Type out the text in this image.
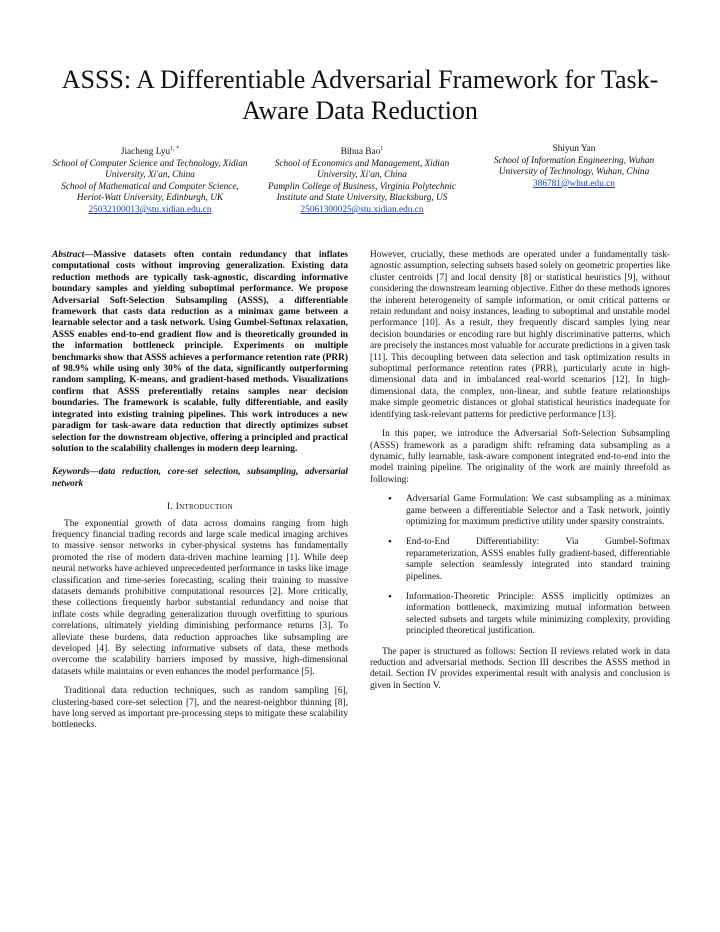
ASSS: A Differentiable Adversarial Framework for Task-Aware Data Reduction
Jiacheng Lyu$^{1, *}$
School of Computer Science and Technology, Xidian University, Xi'an, China
School of Mathematical and Computer Science, Heriot-Watt University, Edinburgh, UK
25032100013@stu.xidian.edu.cn
Bihua Bao$^1$
School of Economics and Management, Xidian University, Xi'an, China
Pamplin College of Business, Virginia Polytechnic Institute and State University, Blacksburg, US
25061300025@stu.xidian.edu.cn
Shiyun Yan
School of Information Engineering, Wuhan University of Technology, Wuhan, China
386781@whut.edu.cn

Abstract—Massive datasets often contain redundancy that inflates computational costs without improving generalization. Existing data reduction methods are typically task-agnostic, discarding informative boundary samples and yielding suboptimal performance. We propose Adversarial Soft-Selection Subsampling (ASSS), a differentiable framework that casts data reduction as a minimax game between a learnable selector and a task network. Using Gumbel-Softmax relaxation, ASSS enables end-to-end gradient flow and is theoretically grounded in the information bottleneck principle. Experiments on multiple benchmarks show that ASSS achieves a performance retention rate (PRR) of 98.9% while using only 30% of the data, significantly outperforming random sampling, K-means, and gradient-based methods. Visualizations confirm that ASSS preferentially retains samples near decision boundaries. The framework is scalable, fully differentiable, and easily integrated into existing training pipelines. This work introduces a new paradigm for task-aware data reduction that directly optimizes subset selection for the downstream objective, offering a principled and practical solution to the scalability challenges in modern deep learning.

Keywords—data reduction, core-set selection, subsampling, adversarial network

I. Introduction

The exponential growth of data across domains ranging from high frequency financial trading records and large scale medical imaging archives to massive sensor networks in cyber-physical systems has fundamentally promoted the rise of modern data-driven machine learning [1]. While deep neural networks have achieved unprecedented performance in tasks like image classification and time-series forecasting, scaling their training to massive datasets demands prohibitive computational resources [2]. More critically, these collections frequently harbor substantial redundancy and noise that inflate costs while degrading generalization through overfitting to spurious correlations, ultimately yielding diminishing performance returns [3]. To alleviate these burdens, data reduction approaches like subsampling are developed [4]. By selecting informative subsets of data, these methods overcome the scalability barriers imposed by massive, high-dimensional datasets while maintains or even enhances the model performance [5].

Traditional data reduction techniques, such as random sampling [6], clustering-based core-set selection [7], and the nearest-neighbor thinning [8], have long served as important pre-processing steps to mitigate these scalability bottlenecks.

However, crucially, these methods are operated under a fundamentally task-agnostic assumption, selecting subsets based solely on geometric properties like cluster centroids [7] and local density [8] or statistical heuristics [9], without considering the downstream learning objective. Either do these methods ignores the inherent heterogeneity of sample information, or omit critical patterns or retain redundant and noisy instances, leading to suboptimal and unstable model performance [10]. As a result, they frequently discard samples lying near decision boundaries or encoding rare but highly discriminative patterns, which are precisely the instances most valuable for accurate predictions in a given task [11]. This decoupling between data selection and task optimization results in suboptimal performance retention rates (PRR), particularly acute in high-dimensional data and in imbalanced real-world scenarios [12]. In high-dimensional data, the complex, non-linear, and subtle feature relationships make simple geometric distances or global statistical heuristics inadequate for identifying task-relevant patterns for predictive performance [13].

In this paper, we introduce the Adversarial Soft-Selection Subsampling (ASSS) framework as a paradigm shift: reframing data subsampling as a dynamic, fully learnable, task-aware component integrated end-to-end into the model training pipeline. The originality of the work are mainly threefold as following:

• Adversarial Game Formulation: We cast subsampling as a minimax game between a differentiable Selector and a Task network, jointly optimizing for maximum predictive utility under sparsity constraints.
• End-to-End Differentiability: Via Gumbel-Softmax reparameterization, ASSS enables fully gradient-based, differentiable sample selection seamlessly integrated into standard training pipelines.
• Information-Theoretic Principle: ASSS implicitly optimizes an information bottleneck, maximizing mutual information between selected subsets and targets while minimizing complexity, providing principled theoretical justification.

The paper is structured as follows: Section II reviews related work in data reduction and adversarial methods. Section III describes the ASSS method in detail. Section IV provides experimental result with analysis and conclusion is given in Section V.
